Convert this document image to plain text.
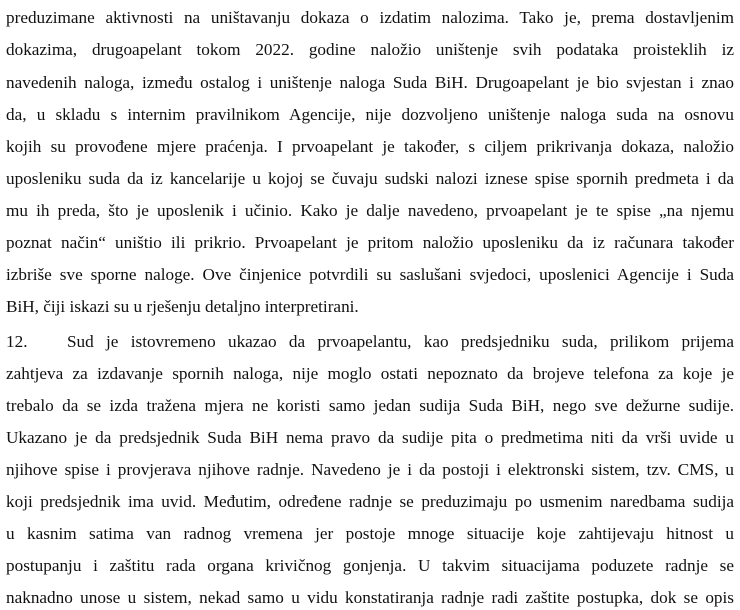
preduzimane aktivnosti na uništavanju dokaza o izdatim nalozima. Tako je, prema dostavljenim
dokazima, drugoapelant tokom 2022. godine naložio uništenje svih podataka proisteklih iz
navedenih naloga, između ostalog i uništenje naloga Suda BiH. Drugoapelant je bio svjestan i znao
da, u skladu s internim pravilnikom Agencije, nije dozvoljeno uništenje naloga suda na osnovu
kojih su provođene mjere praćenja. I prvoapelant je također, s ciljem prikrivanja dokaza, naložio
uposleniku suda da iz kancelarije u kojoj se čuvaju sudski nalozi iznese spise spornih predmeta i da
mu ih preda, što je uposlenik i učinio. Kako je dalje navedeno, prvoapelant je te spise „na njemu
poznat način“ uništio ili prikrio. Prvoapelant je pritom naložio uposleniku da iz računara također
izbriše sve sporne naloge. Ove činjenice potvrdili su saslušani svjedoci, uposlenici Agencije i Suda
BiH, čiji iskazi su u rješenju detaljno interpretirani.
12. Sud je istovremeno ukazao da prvoapelantu, kao predsjedniku suda, prilikom prijema
zahtjeva za izdavanje spornih naloga, nije moglo ostati nepoznato da brojeve telefona za koje je
trebalo da se izda tražena mjera ne koristi samo jedan sudija Suda BiH, nego sve dežurne sudije.
Ukazano je da predsjednik Suda BiH nema pravo da sudije pita o predmetima niti da vrši uvide u
njihove spise i provjerava njihove radnje. Navedeno je i da postoji i elektronski sistem, tzv. CMS, u
koji predsjednik ima uvid. Međutim, određene radnje se preduzimaju po usmenim naredbama sudija
u kasnim satima van radnog vremena jer postoje mnoge situacije koje zahtijevaju hitnost u
postupanju i zaštitu rada organa krivičnog gonjenja. U takvim situacijama poduzete radnje se
naknadno unose u sistem, nekad samo u vidu konstatiranja radnje radi zaštite postupka, dok se opis
